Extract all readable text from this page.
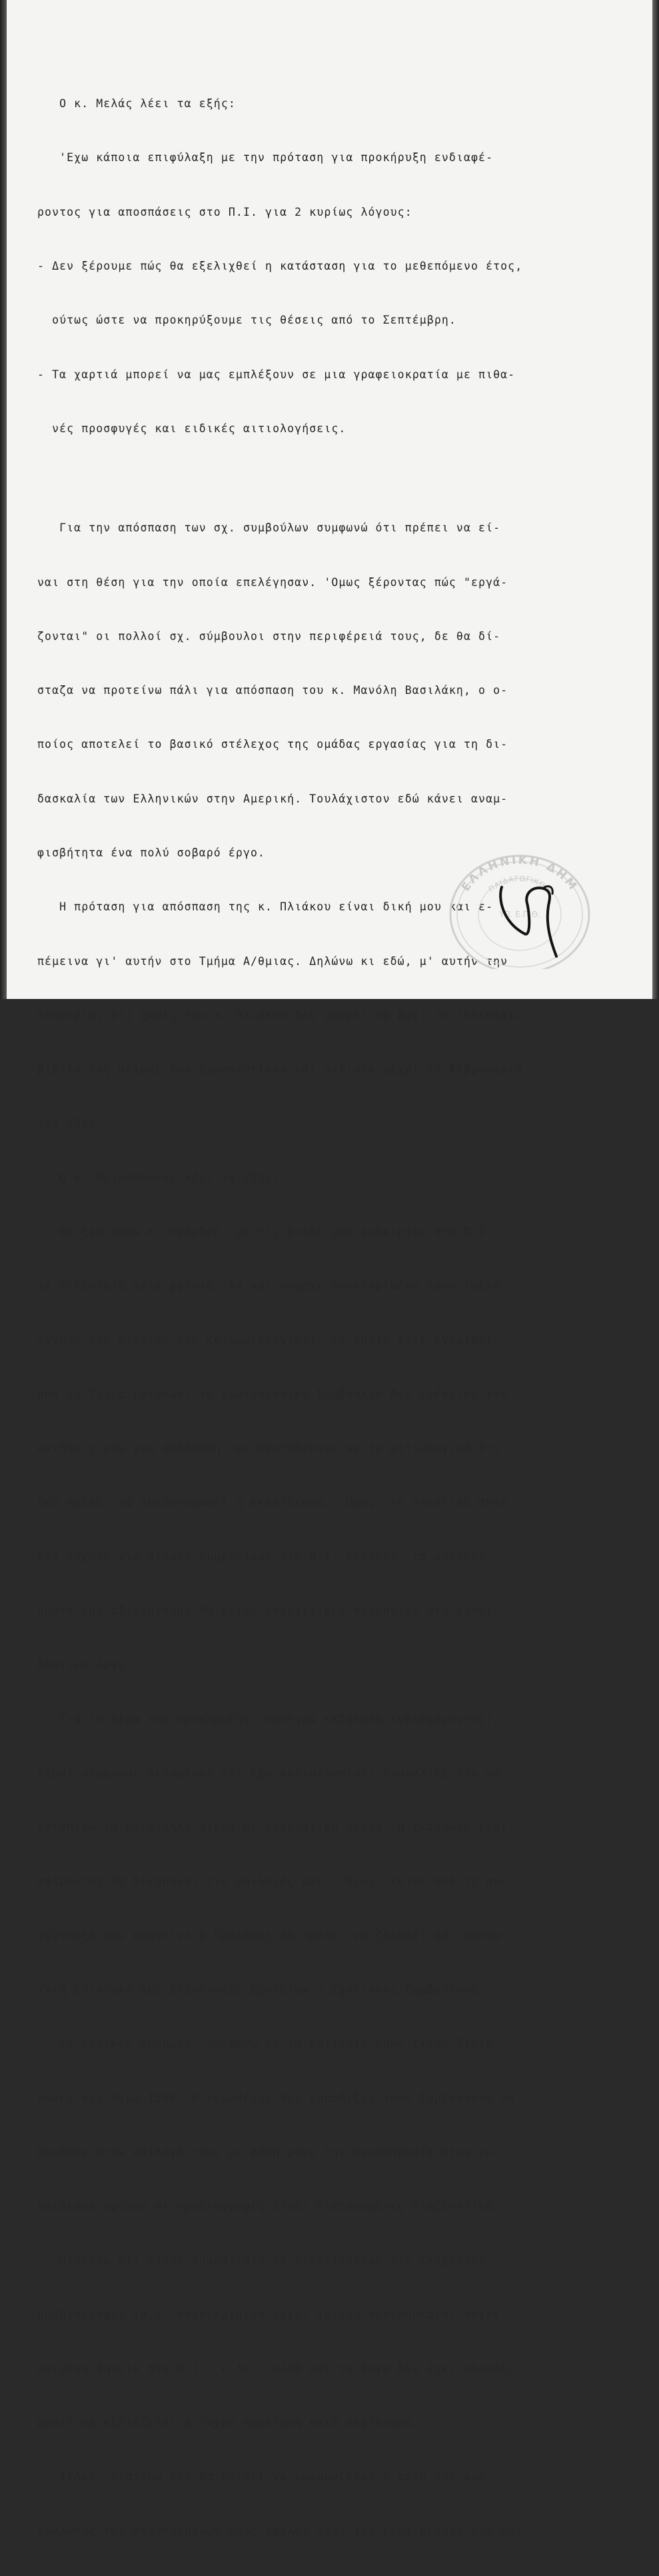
Ο κ. Μελάς λέει τα εξής:

'Εχω κάποια επιφύλαξη με την πρόταση για προκήρυξη ενδιαφέ-

ροντος για αποσπάσεις στο Π.Ι. για 2 κυρίως λόγους:

- Δεν ξέρουμε πώς θα εξελιχθεί η κατάσταση για το μεθεπόμενο έτος,

ούτως ώστε να προκηρύξουμε τις θέσεις από το Σεπτέμβρη.

- Τα χαρτιά μπορεί να μας εμπλέξουν σε μια γραφειοκρατία με πιθα-

νές προσφυγές και ειδικές αιτιολογήσεις.

Για την απόσπαση των σχ. συμβούλων συμφωνώ ότι πρέπει να εί-

ναι στη θέση για την οποία επελέγησαν. 'Ομως ξέροντας πώς "εργά-

ζονται" οι πολλοί σχ. σύμβουλοι στην περιφέρειά τους, δε θα δί-

σταζα να προτείνω πάλι για απόσπαση του κ. Μανόλη Βασιλάκη, ο ο-

ποίος αποτελεί το βασικό στέλεχος της ομάδας εργασίας για τη δι-

δασκαλία των Ελληνικών στην Αμερική. Τουλάχιστον εδώ κάνει αναμ-

φισβήτητα ένα πολύ σοβαρό έργο.

Η πρόταση για απόσπαση της κ. Πλιάκου είναι δική μου και ε-

πέμεινα γι' αυτήν στο Τμήμα Α/θμιας. Δηλώνω κι εδώ, μ' αυτήν την

ευκαιρία, ότι χωρίς την κ. Πλιάκου δεν μπορεί να βγει το τελευταίο

βιβλίο της σειράς των Θρησκευτικών και μάλιστα μέχρι το Φεβρουάριο

του 1995.

Ο κ. Πετρόπουλος λέει τα εξής:

Θα ξεκινήσω κ. Πρόεδρε, με τις δικές μου εμπειρίες στο Π.Ι.

τα τελευταία τρία χρόνια. Αν και υπήρχε συγκεκριμένο έργο (αξιο-

λόγηση του βιβλίου της Κοινωνιολογίας), το οποίο είχε εγκριθεί

από το Τμήμα Ερευνών, το Συντονιστικό Συμβούλιο δεν ενέκρινε τις

αιτήσεις μου για απόσπαση των προταθέντων με το αιτιολογικό ότι

δεν πρέπει να αποδυναμωθεί η εκπαίδευση. 'Ομως, το σκεπτικό αυτό

δεν ίσχυσε για άλλους συμβούλους στο Π.Ι. Εξάλλου, τα αποτελέ-

σματα της αξιολόγησης θα είχαν ευεργετικές συνέπειες στο εκπαι-

δευτικό έργο.

Για το θέμα της προκήρυξης (προτιμώ εκδήλωση ενδιαφέροντος),

είμαι σύμφωνος δεδομένου ότι έχω αντιμετωπίσει δυσκολίες στο να

εντοπίσω τα κατάλληλα άτομα με ερευνητική πείρα. Η εκδήλωση ενδι-

αφέροντος θα διευρύνει τις επιλογές μας. 'Ομως, εκτός από τη συ-

νέντευξη που πρότεινε ο Πρόεδρος θα πρέπει να ζητηθεί και συστα-

τική επιστολή από Διευθυντές Σχολείων / Σχολικούς Συμβούλους.

Σε γενικές γραμμές, συμφωνώ με τα κριτήρια όπως έχουν διατυ-

πωθεί στο Νόμο 1566. Ο νομοθέτης δεν εμποδίζει τους Συμβούλους να

προβούν στην επιλογή τους με βάση μόνο την προϋπηρεσία στην εκ-

παίδευση εφόσον οι προδιαγραφές είναι διατυπωμένες διαζευκτικά.

Πιστεύω ότι είναι απαραίτητο να υιοθετήσουμε τις ελάχιστες

προδιαγραφές (π.χ. συγκεκριμένο έργο, τριετή προϋπηρεσία, συγκε-

κριμένη θητεία στο Π.Ι., κ.λπ.) αλλά εάν το έργο δεν έχει ολοκλη-

ρωθεί να εξετάζεται η τυχόν παράταση κατά περίπτωση.

Τέλος, πιστεύω ότι θα πρέπει να εφαρμόζεται η αρχή της ανα-

κύκλωσης των αποσπασμένων προς όφελος τόσο της εκπαίδευσης όσο και

ΕΛΛΗΝΙΚΗ ΔΗΜ
ΠΑΙΔΑΓΩΓΙΚΟ Ι
ΥΠ. Ε.Π.Θ.
